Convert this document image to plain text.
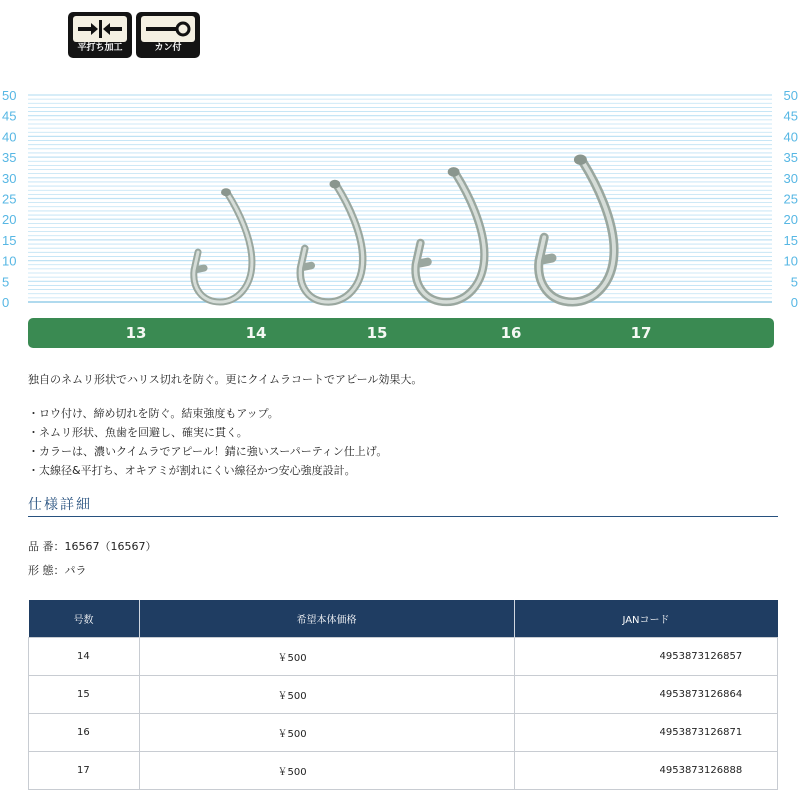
平打ち加工	カン付
50	50
45	45
40	40
35	35
30	30
25	25
20	20
15	15
10	10
5	5
0	0
13	14	15	16	17
独自のネムリ形状でハリス切れを防ぐ。更にクイムラコートでアピール効果大。
・ロウ付け、締め切れを防ぐ。結束強度もアップ。
・ネムリ形状、魚歯を回避し、確実に貫く。
・カラーは、濃いクイムラでアピール！錆に強いスーパーティン仕上げ。
・太線径&平打ち、オキアミが割れにくい線径かつ安心強度設計。
仕様詳細
品 番：16567（16567）
形 態：パラ
号数	希望本体価格	JANコード
14	￥500	4953873126857
15	￥500	4953873126864
16	￥500	4953873126871
17	￥500	4953873126888
